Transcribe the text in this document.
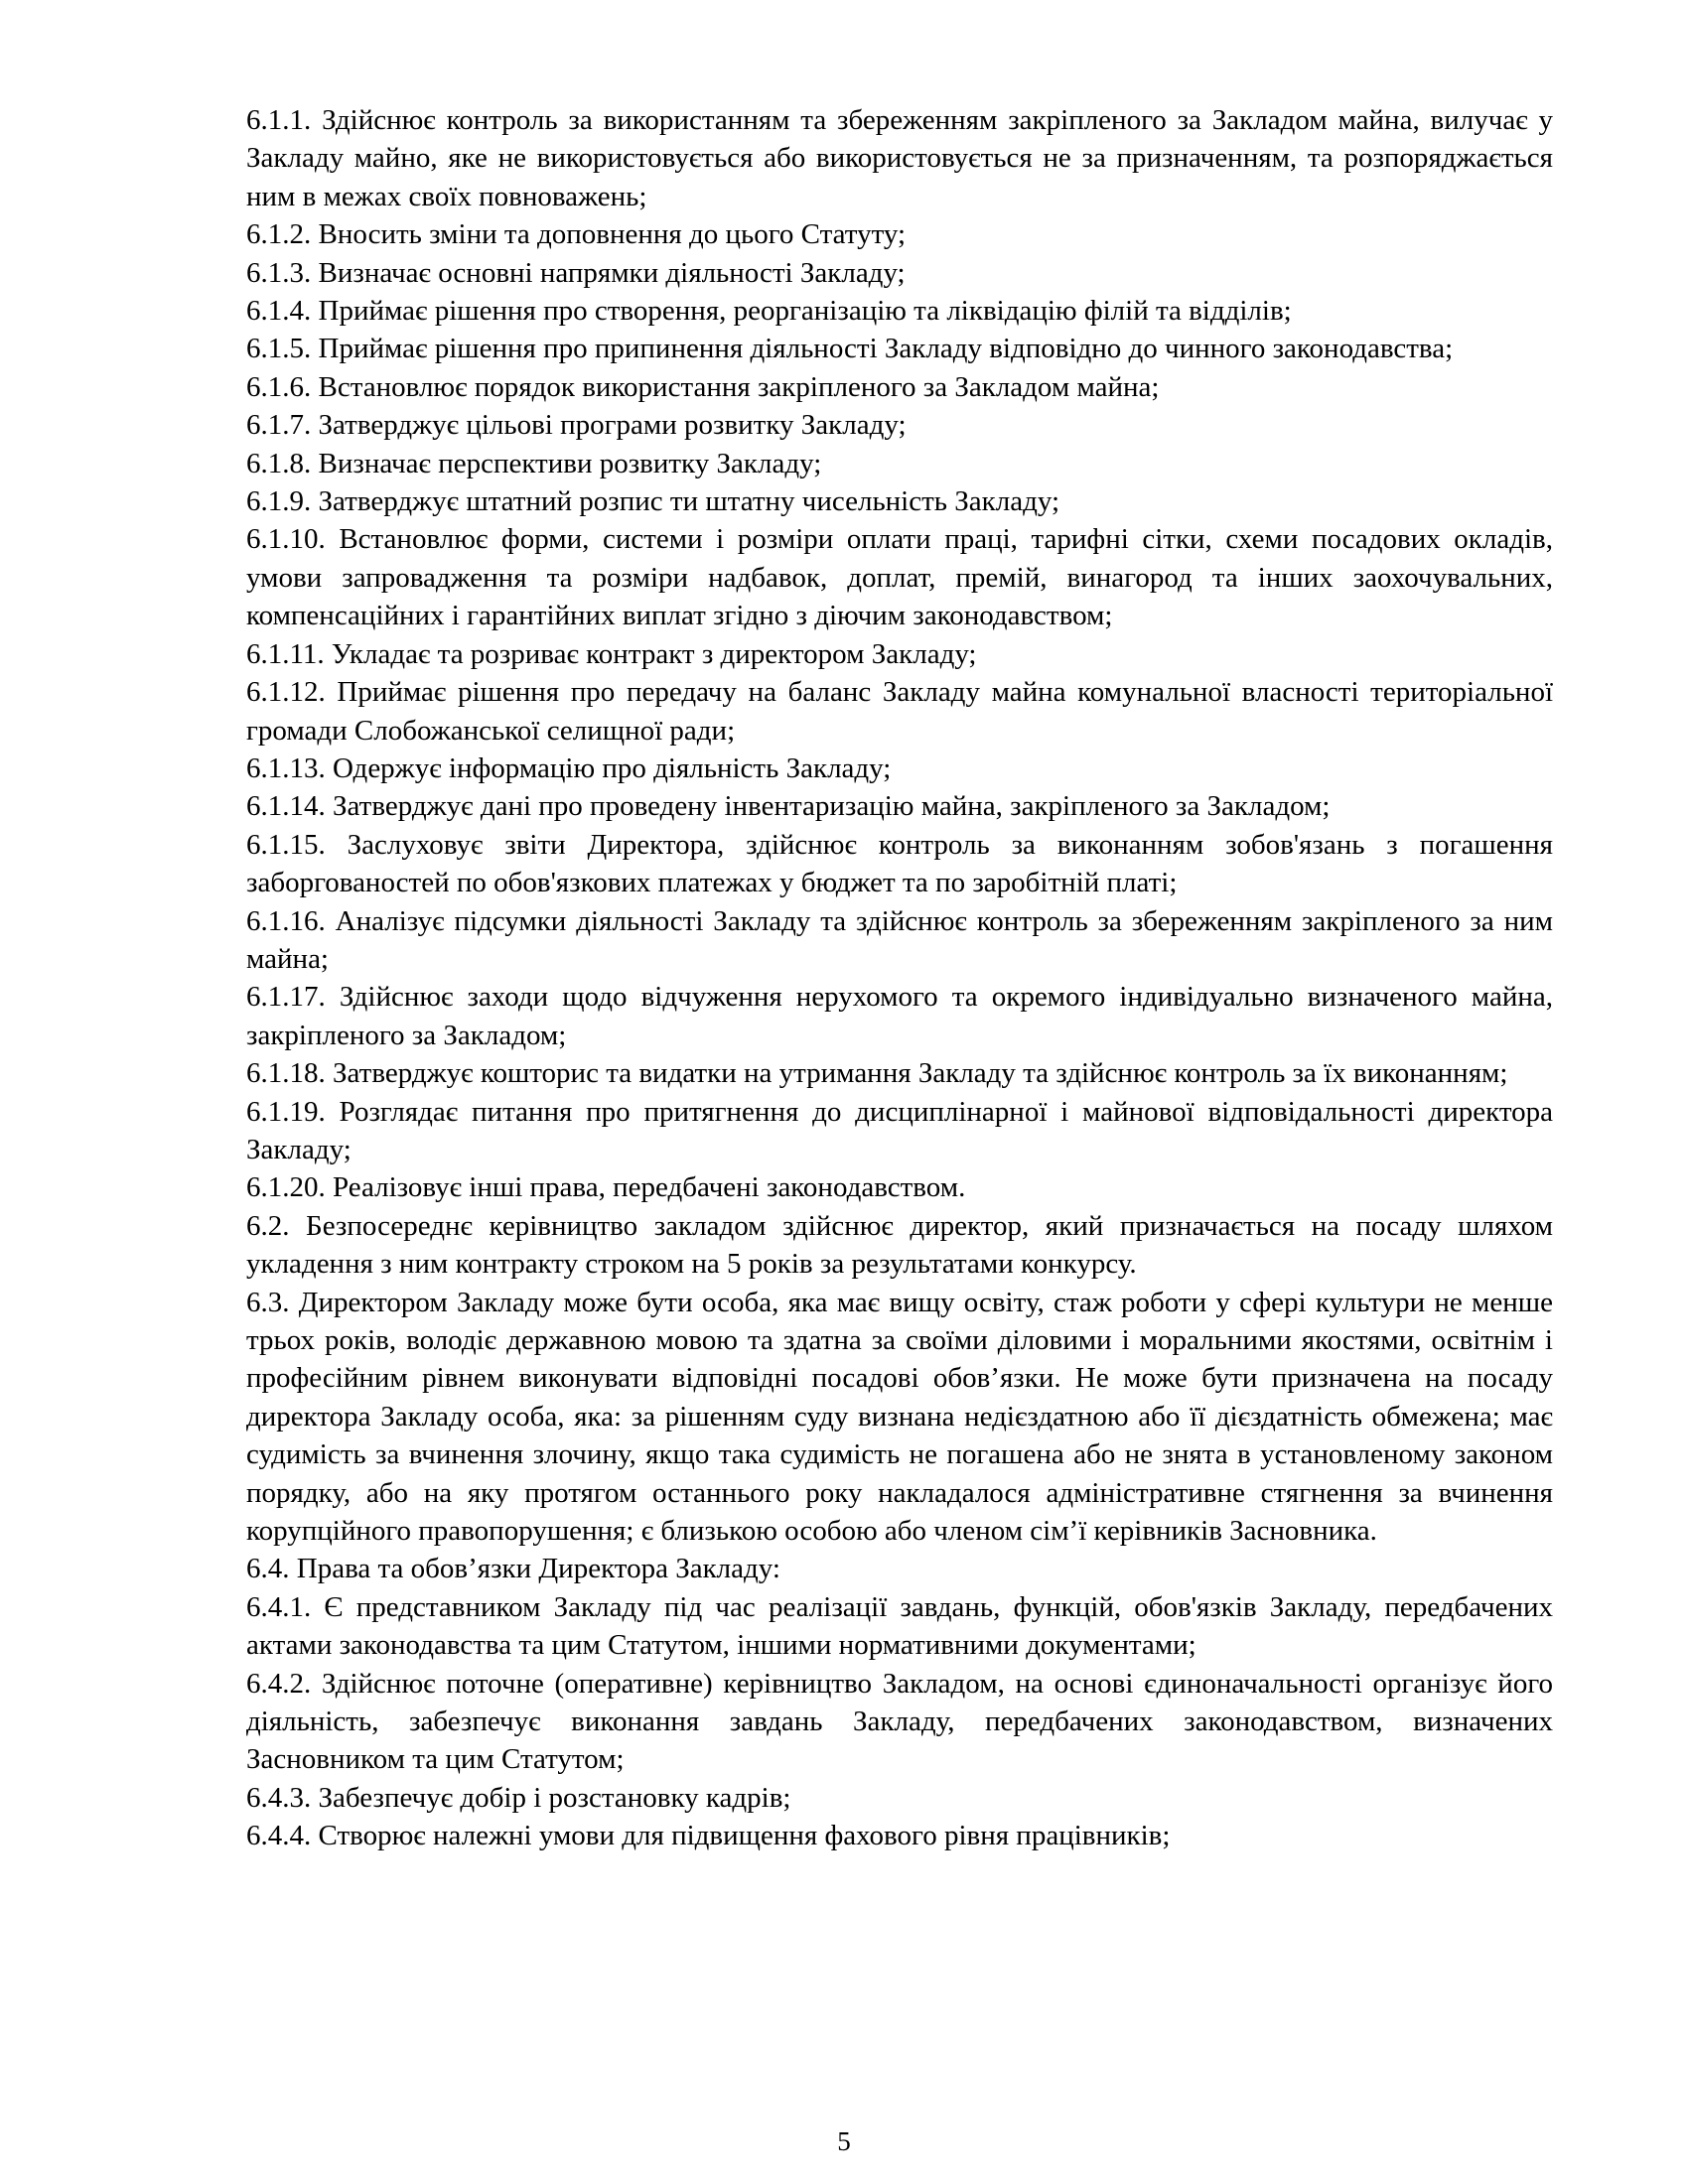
6.1.1. Здійснює контроль за використанням та збереженням закріпленого за Закладом майна, вилучає у Закладу майно, яке не використовується або використовується не за призначенням, та розпоряджається ним в межах своїх повноважень;

6.1.2. Вносить зміни та доповнення до цього Статуту;

6.1.3. Визначає основні напрямки діяльності Закладу;

6.1.4. Приймає рішення про створення, реорганізацію та ліквідацію філій та відділів;

6.1.5. Приймає рішення про припинення діяльності Закладу відповідно до чинного законодавства;

6.1.6. Встановлює порядок використання закріпленого за Закладом майна;

6.1.7. Затверджує цільові програми розвитку Закладу;

6.1.8. Визначає перспективи розвитку Закладу;

6.1.9. Затверджує штатний розпис ти штатну чисельність Закладу;

6.1.10. Встановлює форми, системи і розміри оплати праці, тарифні сітки, схеми посадових окладів, умови запровадження та розміри надбавок, доплат, премій, винагород та інших заохочувальних, компенсаційних і гарантійних виплат згідно з діючим законодавством;

6.1.11. Укладає та розриває контракт з директором Закладу;

6.1.12. Приймає рішення про передачу на баланс Закладу майна комунальної власності територіальної громади Слобожанської селищної ради;

6.1.13. Одержує інформацію про діяльність Закладу;

6.1.14. Затверджує дані про проведену інвентаризацію майна, закріпленого за Закладом;

6.1.15. Заслуховує звіти Директора, здійснює контроль за виконанням зобов'язань з погашення заборгованостей по обов'язкових платежах у бюджет та по заробітній платі;

6.1.16. Аналізує підсумки діяльності Закладу та здійснює контроль за збереженням закріпленого за ним майна;

6.1.17. Здійснює заходи щодо відчуження нерухомого та окремого індивідуально визначеного майна, закріпленого за Закладом;

6.1.18. Затверджує кошторис та видатки на утримання Закладу та здійснює контроль за їх виконанням;

6.1.19. Розглядає питання про притягнення до дисциплінарної і майнової відповідальності директора Закладу;

6.1.20. Реалізовує інші права, передбачені законодавством.

6.2. Безпосереднє керівництво закладом здійснює директор, який призначається на посаду шляхом укладення з ним контракту строком на 5 років за результатами конкурсу.

6.3. Директором Закладу може бути особа, яка має вищу освіту, стаж роботи у сфері культури не менше трьох років, володіє державною мовою та здатна за своїми діловими і моральними якостями, освітнім і професійним рівнем виконувати відповідні посадові обов’язки. Не може бути призначена на посаду директора Закладу особа, яка: за рішенням суду визнана недієздатною або її дієздатність обмежена; має судимість за вчинення злочину, якщо така судимість не погашена або не знята в установленому законом порядку, або на яку протягом останнього року накладалося адміністративне стягнення за вчинення корупційного правопорушення; є близькою особою або членом сім’ї керівників Засновника.

6.4. Права та обов’язки Директора Закладу:

6.4.1. Є представником Закладу під час реалізації завдань, функцій, обов'язків Закладу, передбачених актами законодавства та цим Статутом, іншими нормативними документами;

6.4.2. Здійснює поточне (оперативне) керівництво Закладом, на основі єдиноначальності організує його діяльність, забезпечує виконання завдань Закладу, передбачених законодавством, визначених Засновником та цим Статутом;

6.4.3. Забезпечує добір і розстановку кадрів;

6.4.4. Створює належні умови для підвищення фахового рівня працівників;

5
